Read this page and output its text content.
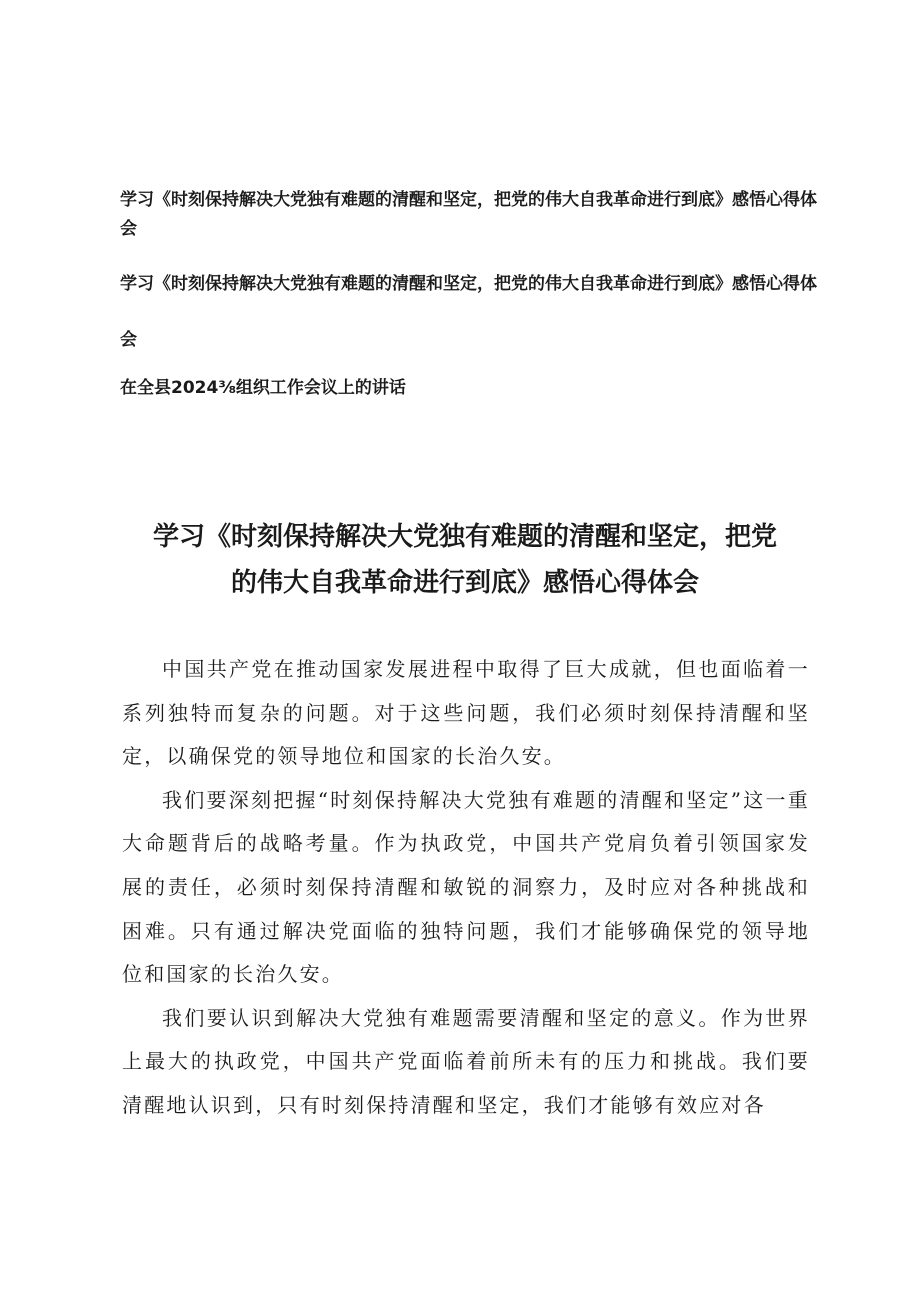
学习《时刻保持解决大党独有难题的清醒和坚定，把党的伟大自我革命进行到底》感悟心得体会

学习《时刻保持解决大党独有难题的清醒和坚定，把党的伟大自我革命进行到底》感悟心得体会

在全县2024⅜组织工作会议上的讲话

学习《时刻保持解决大党独有难题的清醒和坚定，把党
的伟大自我革命进行到底》感悟心得体会

中国共产党在推动国家发展进程中取得了巨大成就，但也面临着一系列独特而复杂的问题。对于这些问题，我们必须时刻保持清醒和坚定，以确保党的领导地位和国家的长治久安。

我们要深刻把握“时刻保持解决大党独有难题的清醒和坚定”这一重大命题背后的战略考量。作为执政党，中国共产党肩负着引领国家发展的责任，必须时刻保持清醒和敏锐的洞察力，及时应对各种挑战和困难。只有通过解决党面临的独特问题，我们才能够确保党的领导地位和国家的长治久安。

我们要认识到解决大党独有难题需要清醒和坚定的意义。作为世界上最大的执政党，中国共产党面临着前所未有的压力和挑战。我们要清醒地认识到，只有时刻保持清醒和坚定，我们才能够有效应对各
